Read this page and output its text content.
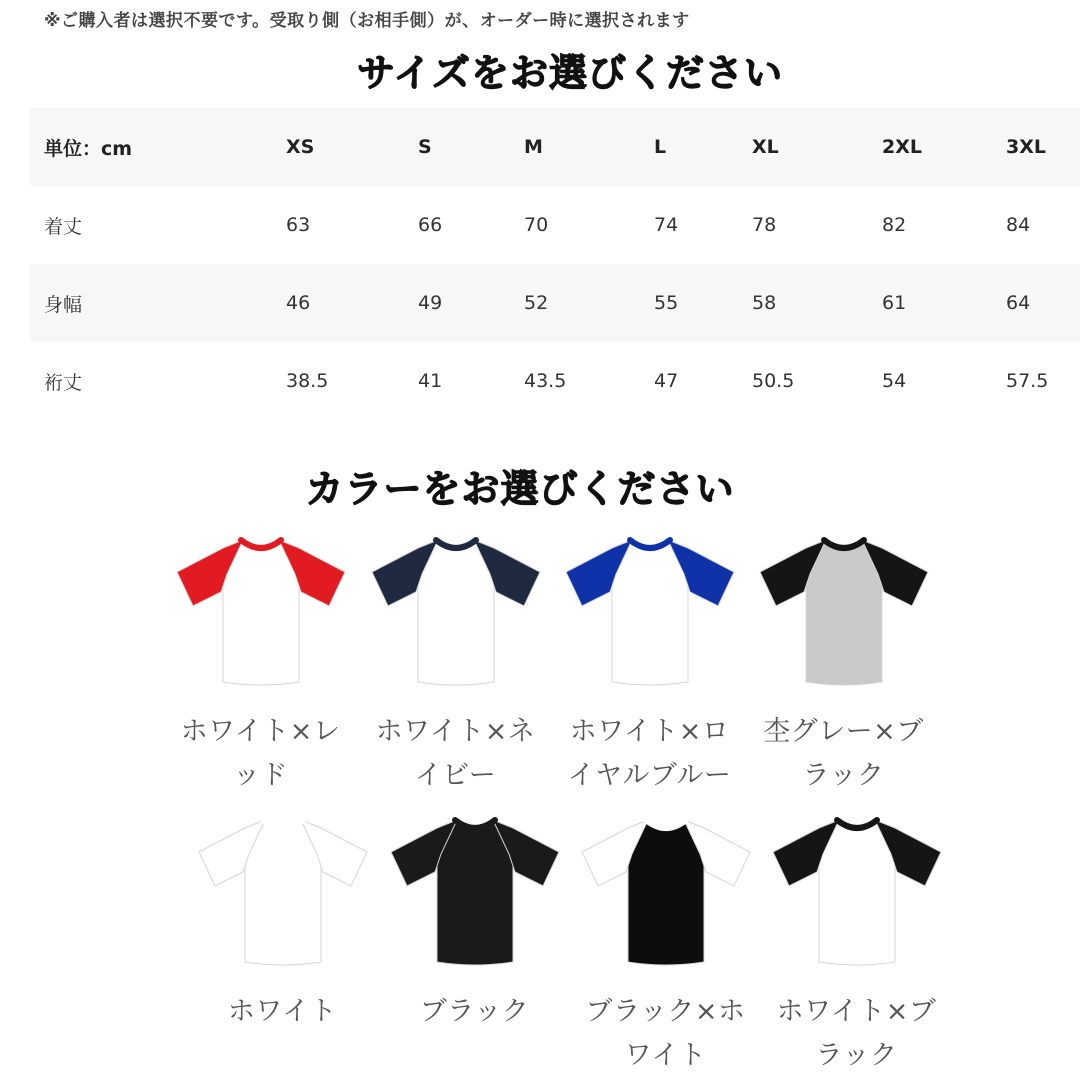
※ご購入者は選択不要です。受取り側（お相手側）が、オーダー時に選択されます
サイズをお選びください
単位：cm	XS	S	M	L	XL	2XL	3XL
着丈	63	66	70	74	78	82	84
身幅	46	49	52	55	58	61	64
裄丈	38.5	41	43.5	47	50.5	54	57.5
カラーをお選びください
ホワイト×レッド
ホワイト×ネイビー
ホワイト×ロイヤルブルー
杢グレー×ブラック
ホワイト	ブラック	ブラック×ホワイト
ホワイト×ブラック
